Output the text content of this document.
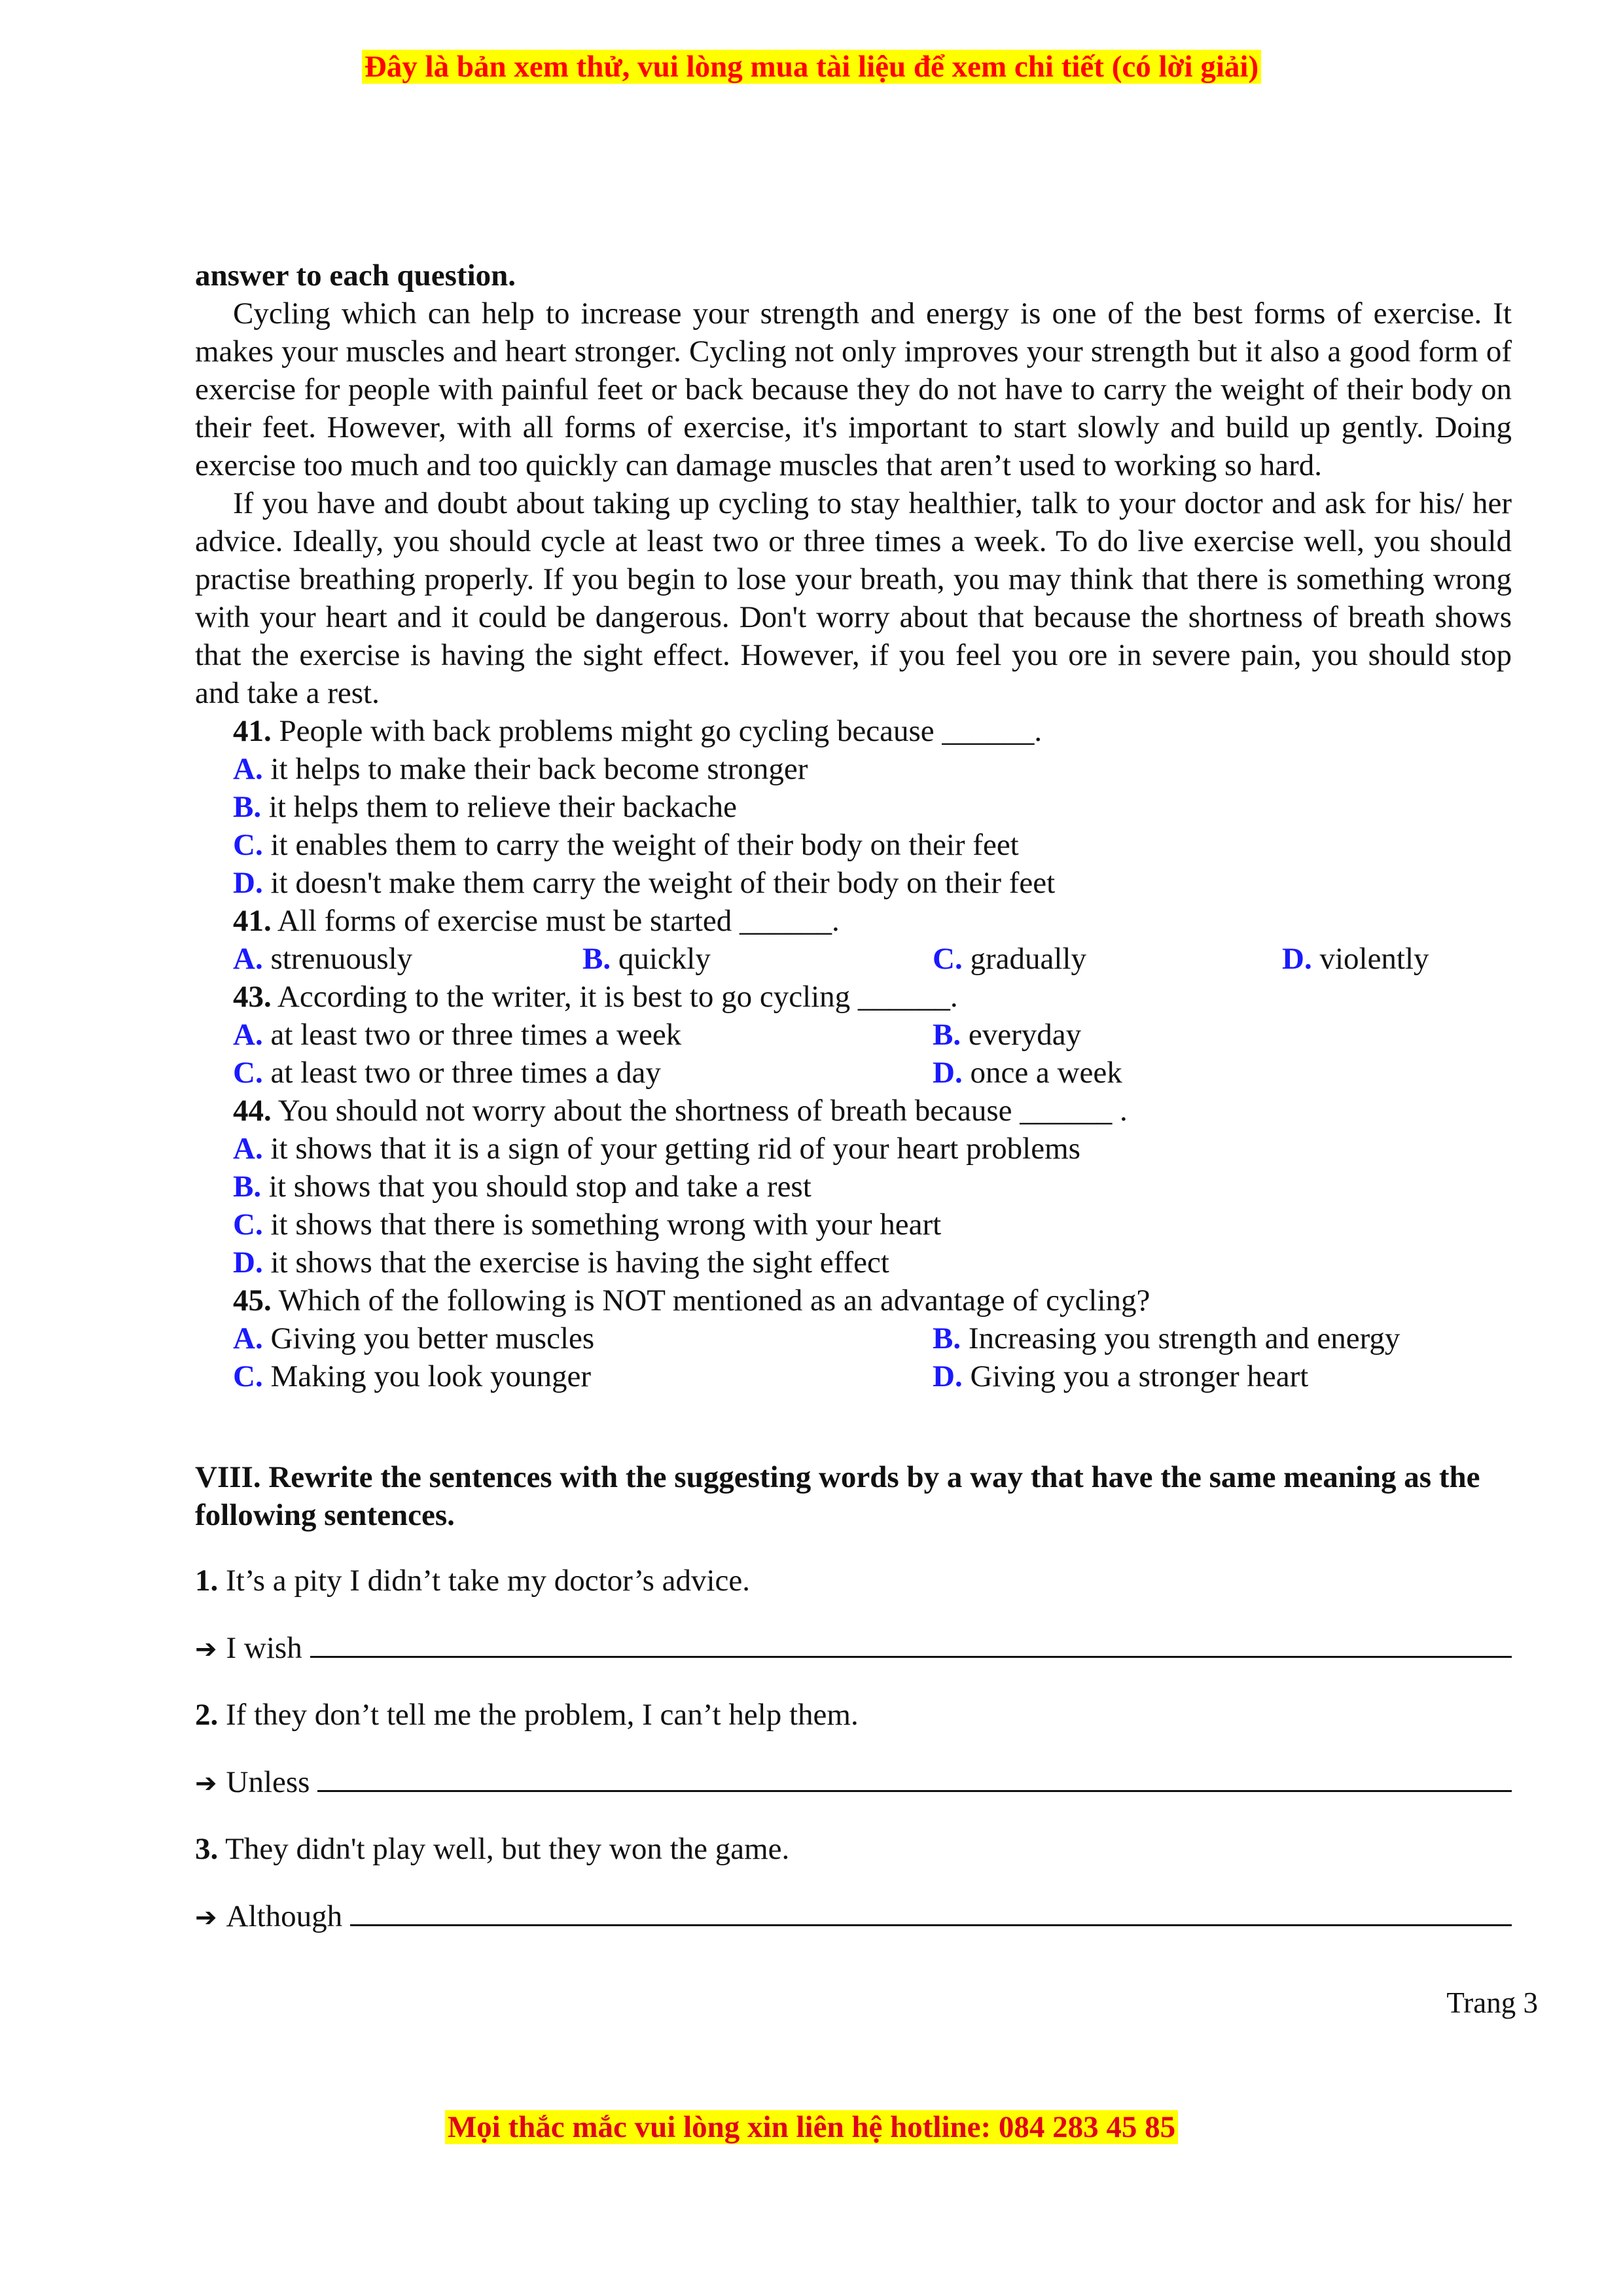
Đây là bản xem thử, vui lòng mua tài liệu để xem chi tiết (có lời giải)

answer to each question.

Cycling which can help to increase your strength and energy is one of the best forms of exercise. It makes your muscles and heart stronger. Cycling not only improves your strength but it also a good form of exercise for people with painful feet or back because they do not have to carry the weight of their body on their feet. However, with all forms of exercise, it's important to start slowly and build up gently. Doing exercise too much and too quickly can damage muscles that aren’t used to working so hard.

If you have and doubt about taking up cycling to stay healthier, talk to your doctor and ask for his/ her advice. Ideally, you should cycle at least two or three times a week. To do live exercise well, you should practise breathing properly. If you begin to lose your breath, you may think that there is something wrong with your heart and it could be dangerous. Don't worry about that because the shortness of breath shows that the exercise is having the sight effect. However, if you feel you ore in severe pain, you should stop and take a rest.

41. People with back problems might go cycling because ______.

A. it helps to make their back become stronger
B. it helps them to relieve their backache
C. it enables them to carry the weight of their body on their feet
D. it doesn't make them carry the weight of their body on their feet

41. All forms of exercise must be started ______.

A. strenuously	B. quickly	C. gradually	D. violently

43. According to the writer, it is best to go cycling ______.

A. at least two or three times a week	B. everyday
C. at least two or three times a day	D. once a week

44. You should not worry about the shortness of breath because ______ .

A. it shows that it is a sign of your getting rid of your heart problems
B. it shows that you should stop and take a rest
C. it shows that there is something wrong with your heart
D. it shows that the exercise is having the sight effect

45. Which of the following is NOT mentioned as an advantage of cycling?

A. Giving you better muscles	B. Increasing you strength and energy
C. Making you look younger	D. Giving you a stronger heart
VIII. Rewrite the sentences with the suggesting words by a way that have the same meaning as the following sentences.
1. It’s a pity I didn’t take my doctor’s advice.
➔ I wish
2. If they don’t tell me the problem, I can’t help them.
➔ Unless
3. They didn't play well, but they won the game.
➔ Although
Trang 3
Mọi thắc mắc vui lòng xin liên hệ hotline: 084 283 45 85
